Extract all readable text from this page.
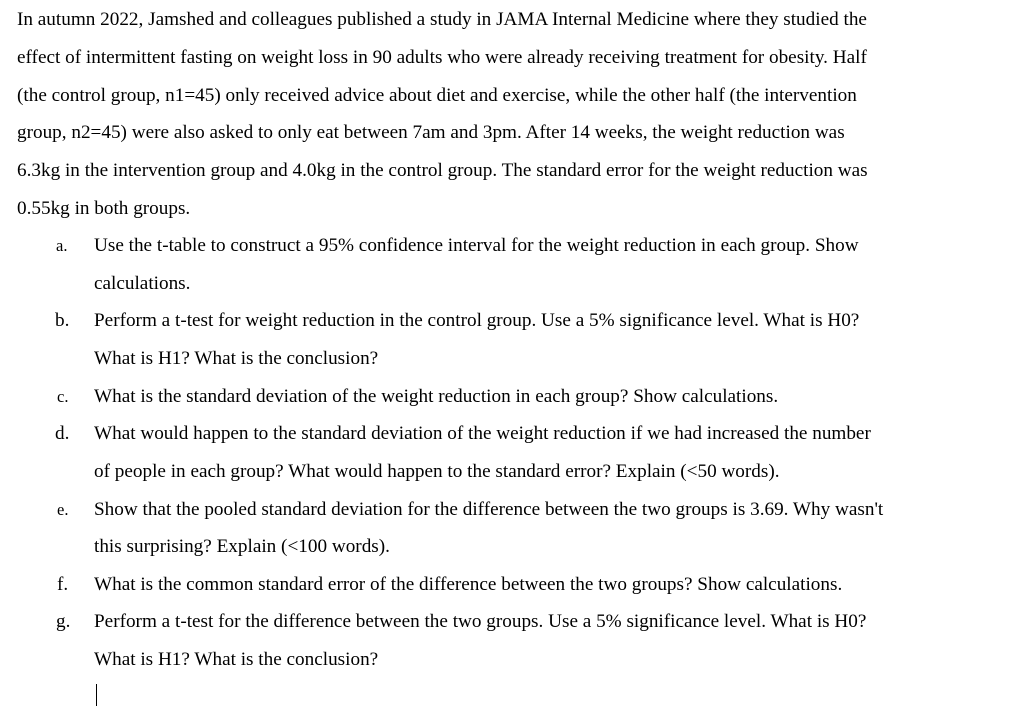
In autumn 2022, Jamshed and colleagues published a study in JAMA Internal Medicine where they studied the
effect of intermittent fasting on weight loss in 90 adults who were already receiving treatment for obesity. Half
(the control group, n1=45) only received advice about diet and exercise, while the other half (the intervention
group, n2=45) were also asked to only eat between 7am and 3pm. After 14 weeks, the weight reduction was
6.3kg in the intervention group and 4.0kg in the control group. The standard error for the weight reduction was
0.55kg in both groups.
a.	Use the t-table to construct a 95% confidence interval for the weight reduction in each group. Show
calculations.
b.	Perform a t-test for weight reduction in the control group. Use a 5% significance level. What is H0?
What is H1? What is the conclusion?
c.	What is the standard deviation of the weight reduction in each group? Show calculations.
d.	What would happen to the standard deviation of the weight reduction if we had increased the number
of people in each group? What would happen to the standard error? Explain (<50 words).
e.	Show that the pooled standard deviation for the difference between the two groups is 3.69. Why wasn't
this surprising? Explain (<100 words).
f.	What is the common standard error of the difference between the two groups? Show calculations.
g.	Perform a t-test for the difference between the two groups. Use a 5% significance level. What is H0?
What is H1? What is the conclusion?
